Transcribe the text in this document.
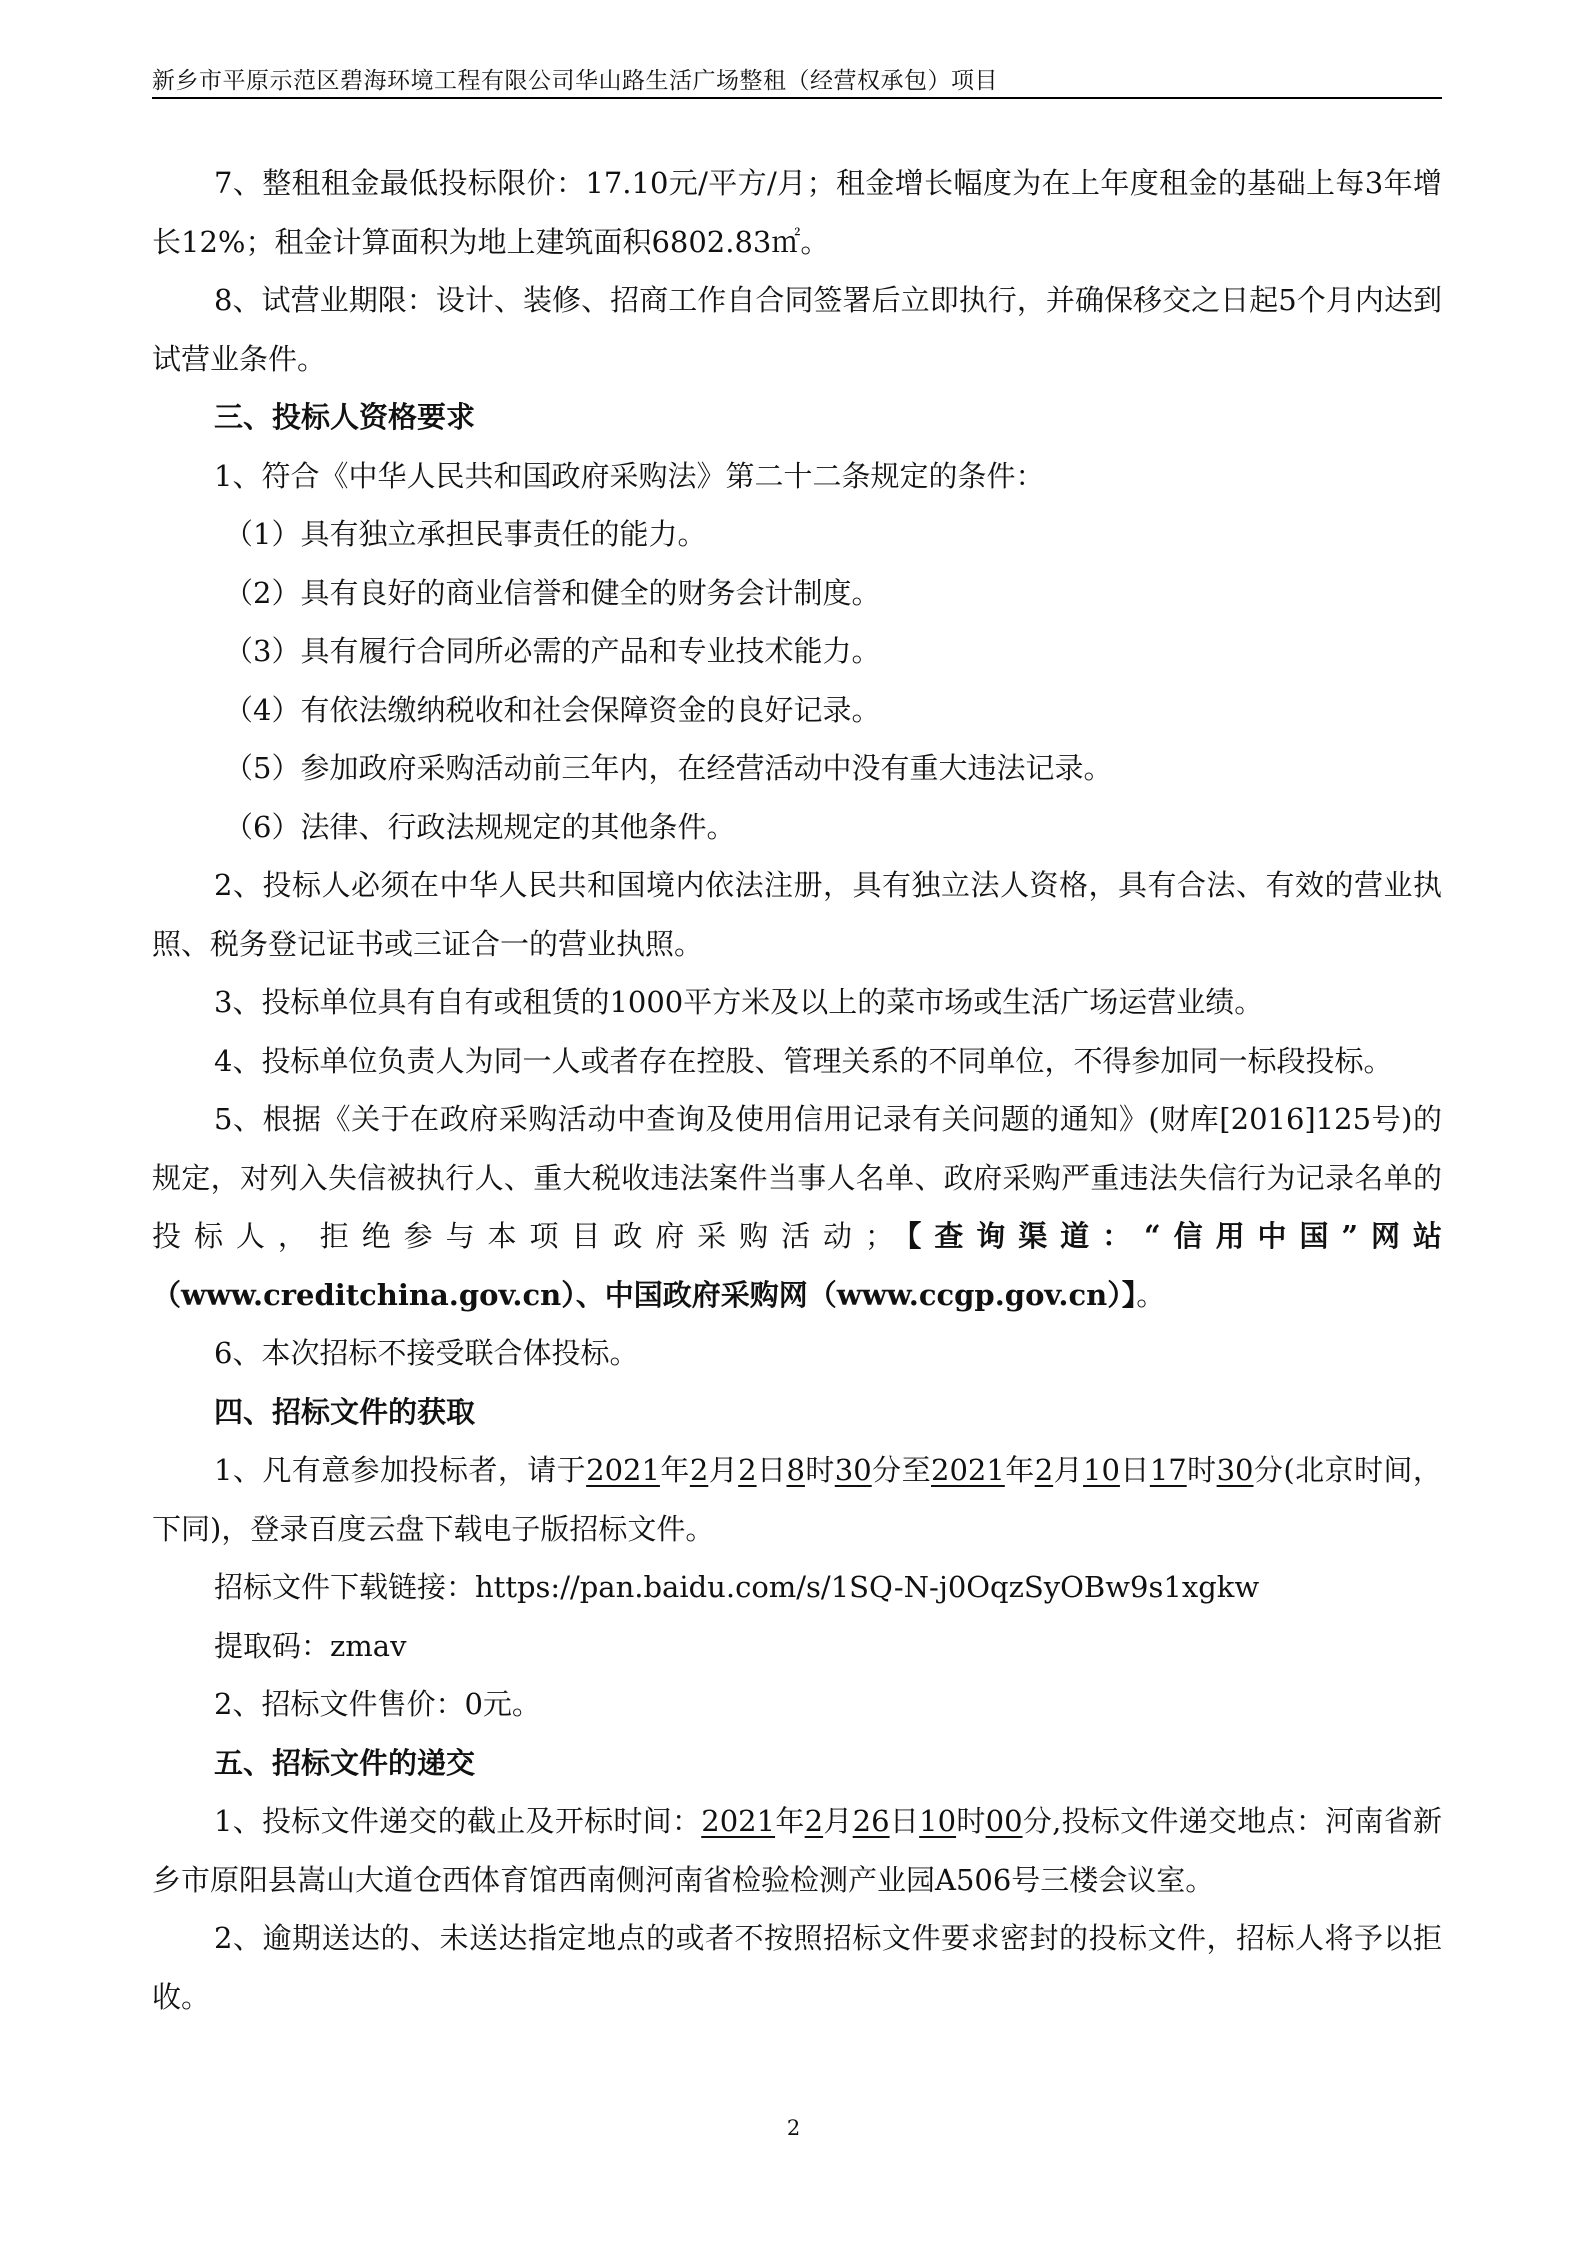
新乡市平原示范区碧海环境工程有限公司华山路生活广场整租（经营权承包）项目

7、整租租金最低投标限价：17.10元/平方/月；租金增长幅度为在上年度租金的基础上每3年增长12%；租金计算面积为地上建筑面积6802.83㎡。

8、试营业期限：设计、装修、招商工作自合同签署后立即执行，并确保移交之日起5个月内达到试营业条件。

三、投标人资格要求

1、符合《中华人民共和国政府采购法》第二十二条规定的条件：

（1）具有独立承担民事责任的能力。

（2）具有良好的商业信誉和健全的财务会计制度。

（3）具有履行合同所必需的产品和专业技术能力。

（4）有依法缴纳税收和社会保障资金的良好记录。

（5）参加政府采购活动前三年内，在经营活动中没有重大违法记录。

（6）法律、行政法规规定的其他条件。

2、投标人必须在中华人民共和国境内依法注册，具有独立法人资格，具有合法、有效的营业执照、税务登记证书或三证合一的营业执照。

3、投标单位具有自有或租赁的1000平方米及以上的菜市场或生活广场运营业绩。

4、投标单位负责人为同一人或者存在控股、管理关系的不同单位，不得参加同一标段投标。

5、根据《关于在政府采购活动中查询及使用信用记录有关问题的通知》(财库[2016]125号)的规定，对列入失信被执行人、重大税收违法案件当事人名单、政府采购严重违法失信行为记录名单的投标人，拒绝参与本项目政府采购活动；【查询渠道：“信用中国”网站（www.creditchina.gov.cn）、中国政府采购网（www.ccgp.gov.cn）】。

6、本次招标不接受联合体投标。

四、招标文件的获取

1、凡有意参加投标者，请于2021年2月2日8时30分至2021年2月10日17时30分(北京时间，下同)，登录百度云盘下载电子版招标文件。

招标文件下载链接：https://pan.baidu.com/s/1SQ-N-j0OqzSyOBw9s1xgkw

提取码：zmav

2、招标文件售价：0元。

五、招标文件的递交

1、投标文件递交的截止及开标时间：2021年2月26日10时00分,投标文件递交地点：河南省新乡市原阳县嵩山大道仓西体育馆西南侧河南省检验检测产业园A506号三楼会议室。

2、逾期送达的、未送达指定地点的或者不按照招标文件要求密封的投标文件，招标人将予以拒收。

2
